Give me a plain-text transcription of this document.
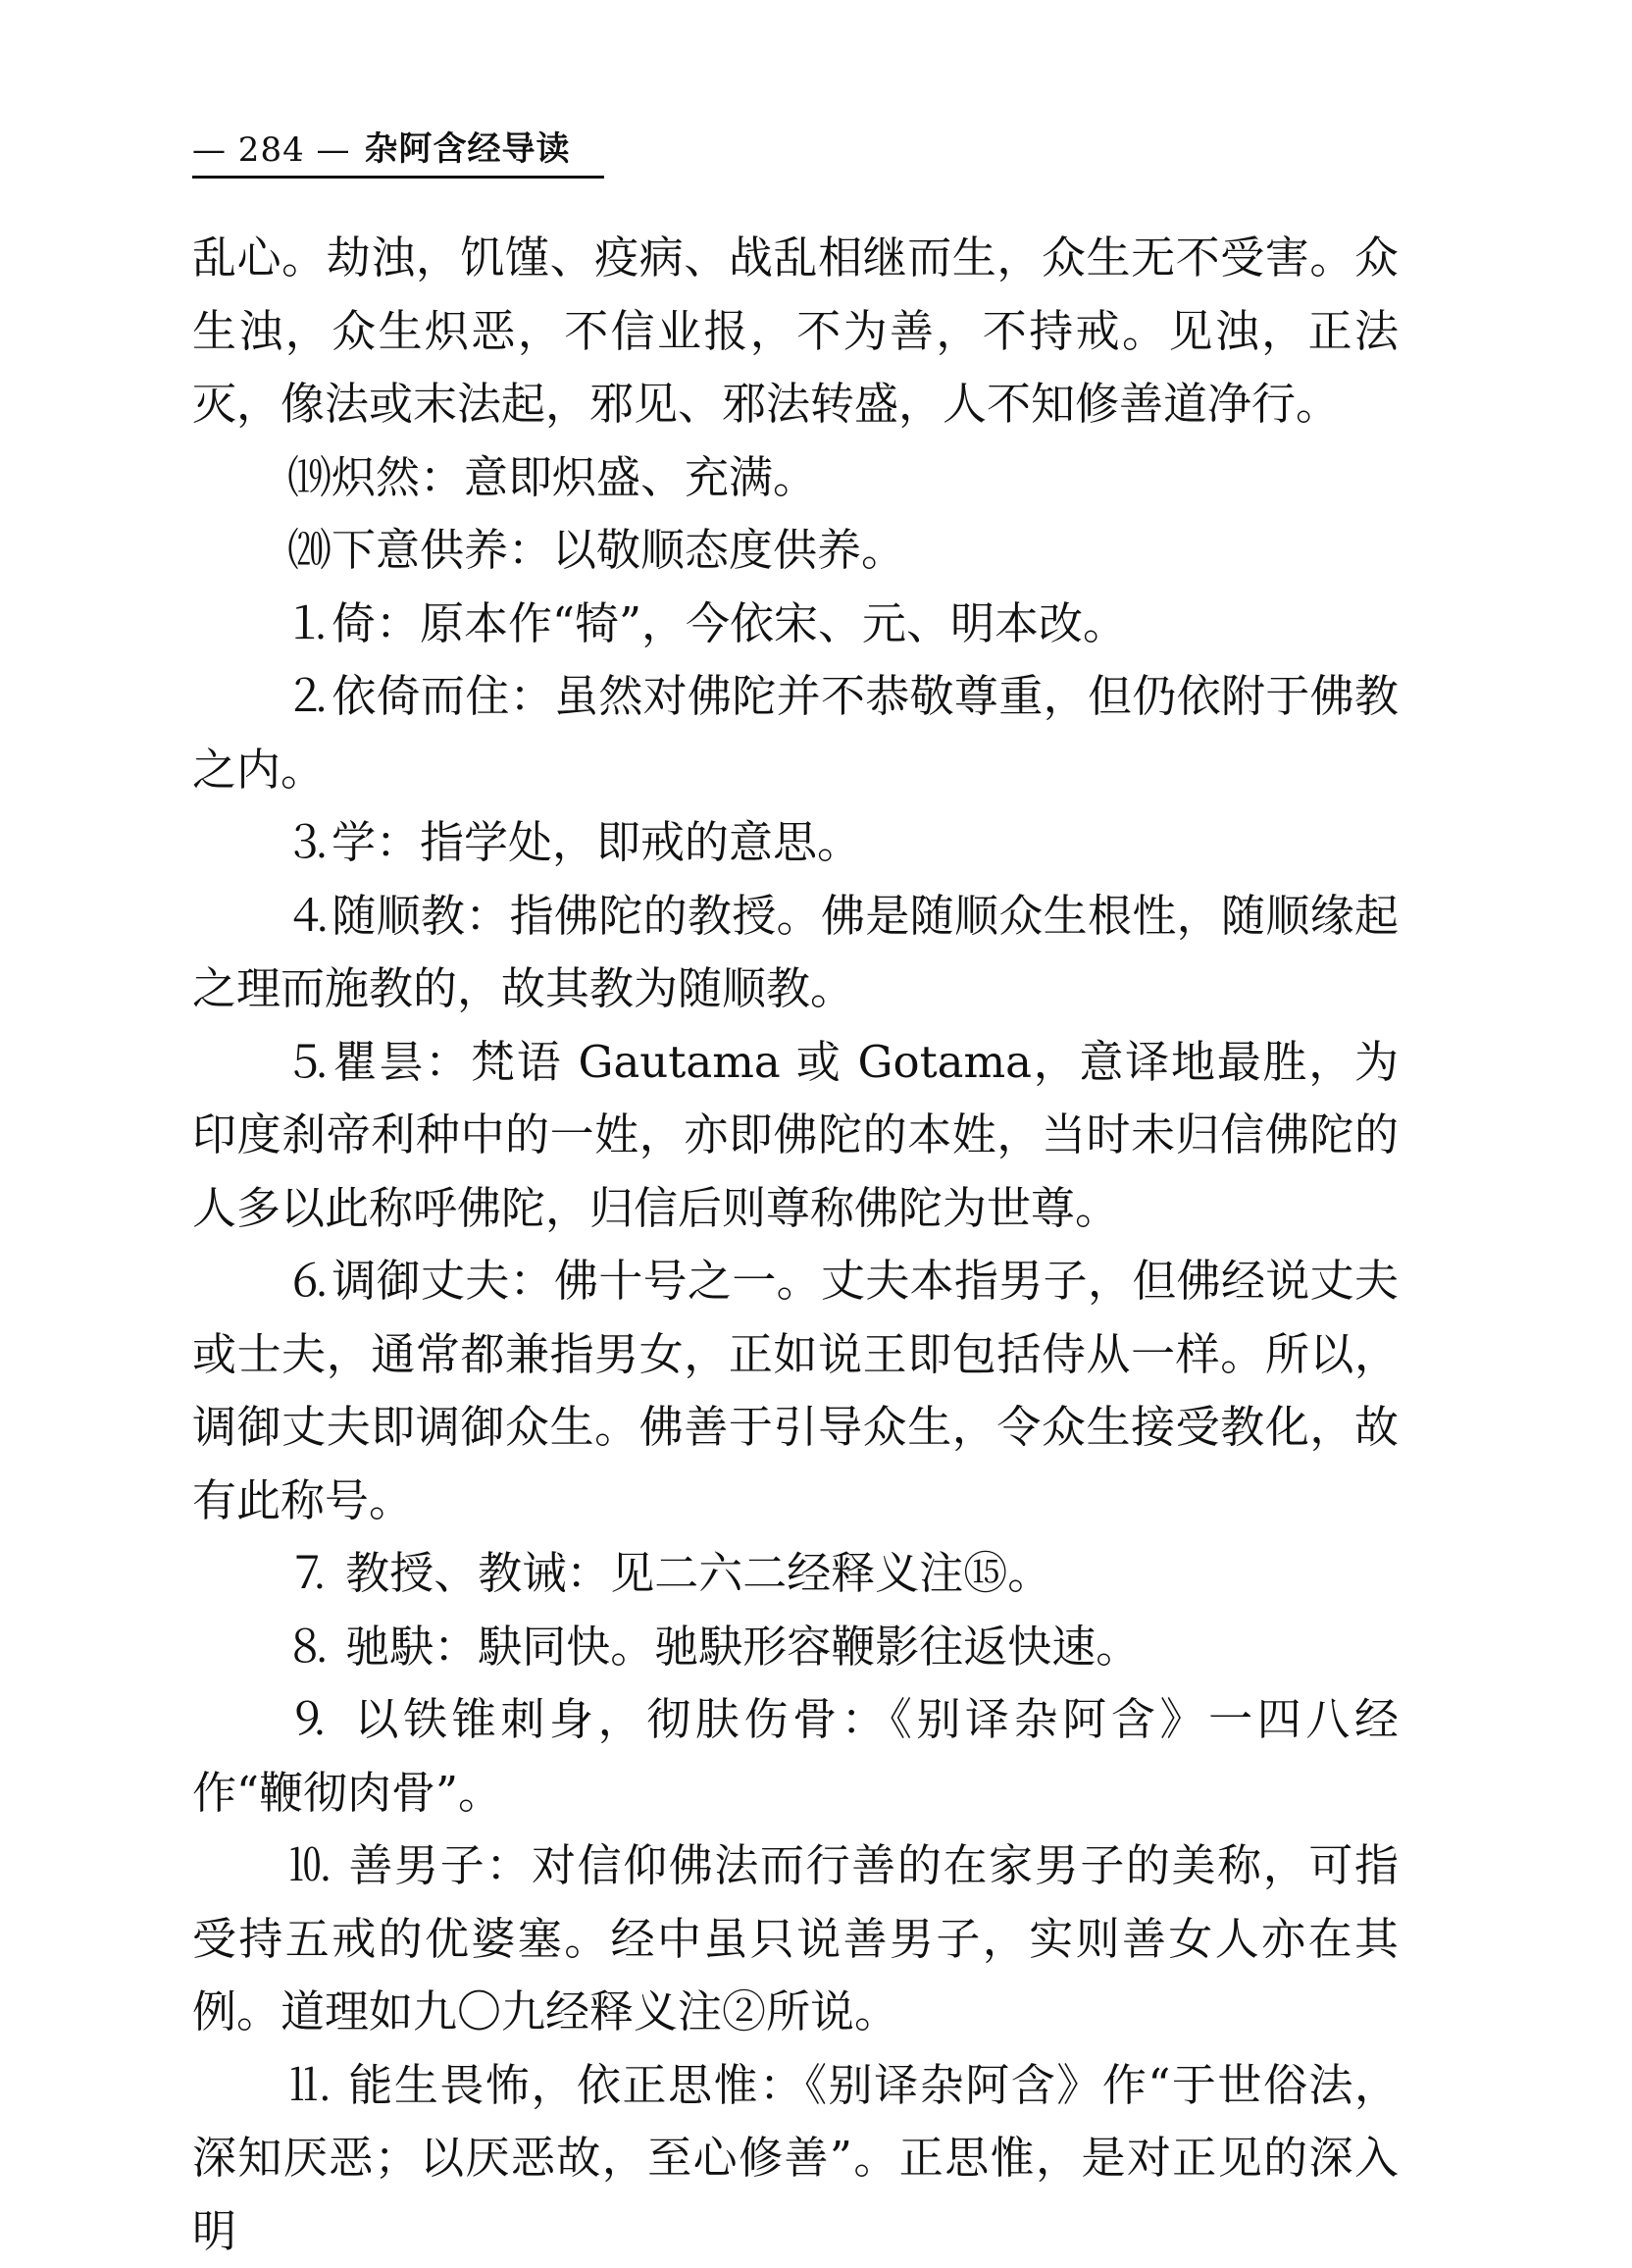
— 284 — 杂阿含经导读

乱心。劫浊，饥馑、疫病、战乱相继而生，众生无不受害。众生浊，众生炽恶，不信业报，不为善，不持戒。见浊，正法灭，像法或末法起，邪见、邪法转盛，人不知修善道净行。

⒆炽然：意即炽盛、充满。

⒇下意供养：以敬顺态度供养。

⒈倚：原本作“犄”，今依宋、元、明本改。

⒉依倚而住：虽然对佛陀并不恭敬尊重，但仍依附于佛教之内。

⒊学：指学处，即戒的意思。

⒋随顺教：指佛陀的教授。佛是随顺众生根性，随顺缘起之理而施教的，故其教为随顺教。

⒌瞿昙：梵语 Gautama 或 Gotama，意译地最胜，为印度刹帝利种中的一姓，亦即佛陀的本姓，当时未归信佛陀的人多以此称呼佛陀，归信后则尊称佛陀为世尊。

⒍调御丈夫：佛十号之一。丈夫本指男子，但佛经说丈夫或士夫，通常都兼指男女，正如说王即包括侍从一样。所以，调御丈夫即调御众生。佛善于引导众生，令众生接受教化，故有此称号。

⒎ 教授、教诫：见二六二经释义注⑮。

⒏ 驰駃：駃同快。驰駃形容鞭影往返快速。

⒐ 以铁锥刺身，彻肤伤骨：《别译杂阿含》一四八经作“鞭彻肉骨”。

⒑ 善男子：对信仰佛法而行善的在家男子的美称，可指受持五戒的优婆塞。经中虽只说善男子，实则善女人亦在其例。道理如九〇九经释义注②所说。

⒒ 能生畏怖，依正思惟：《别译杂阿含》作“于世俗法，深知厌恶；以厌恶故，至心修善”。正思惟，是对正见的深入明
